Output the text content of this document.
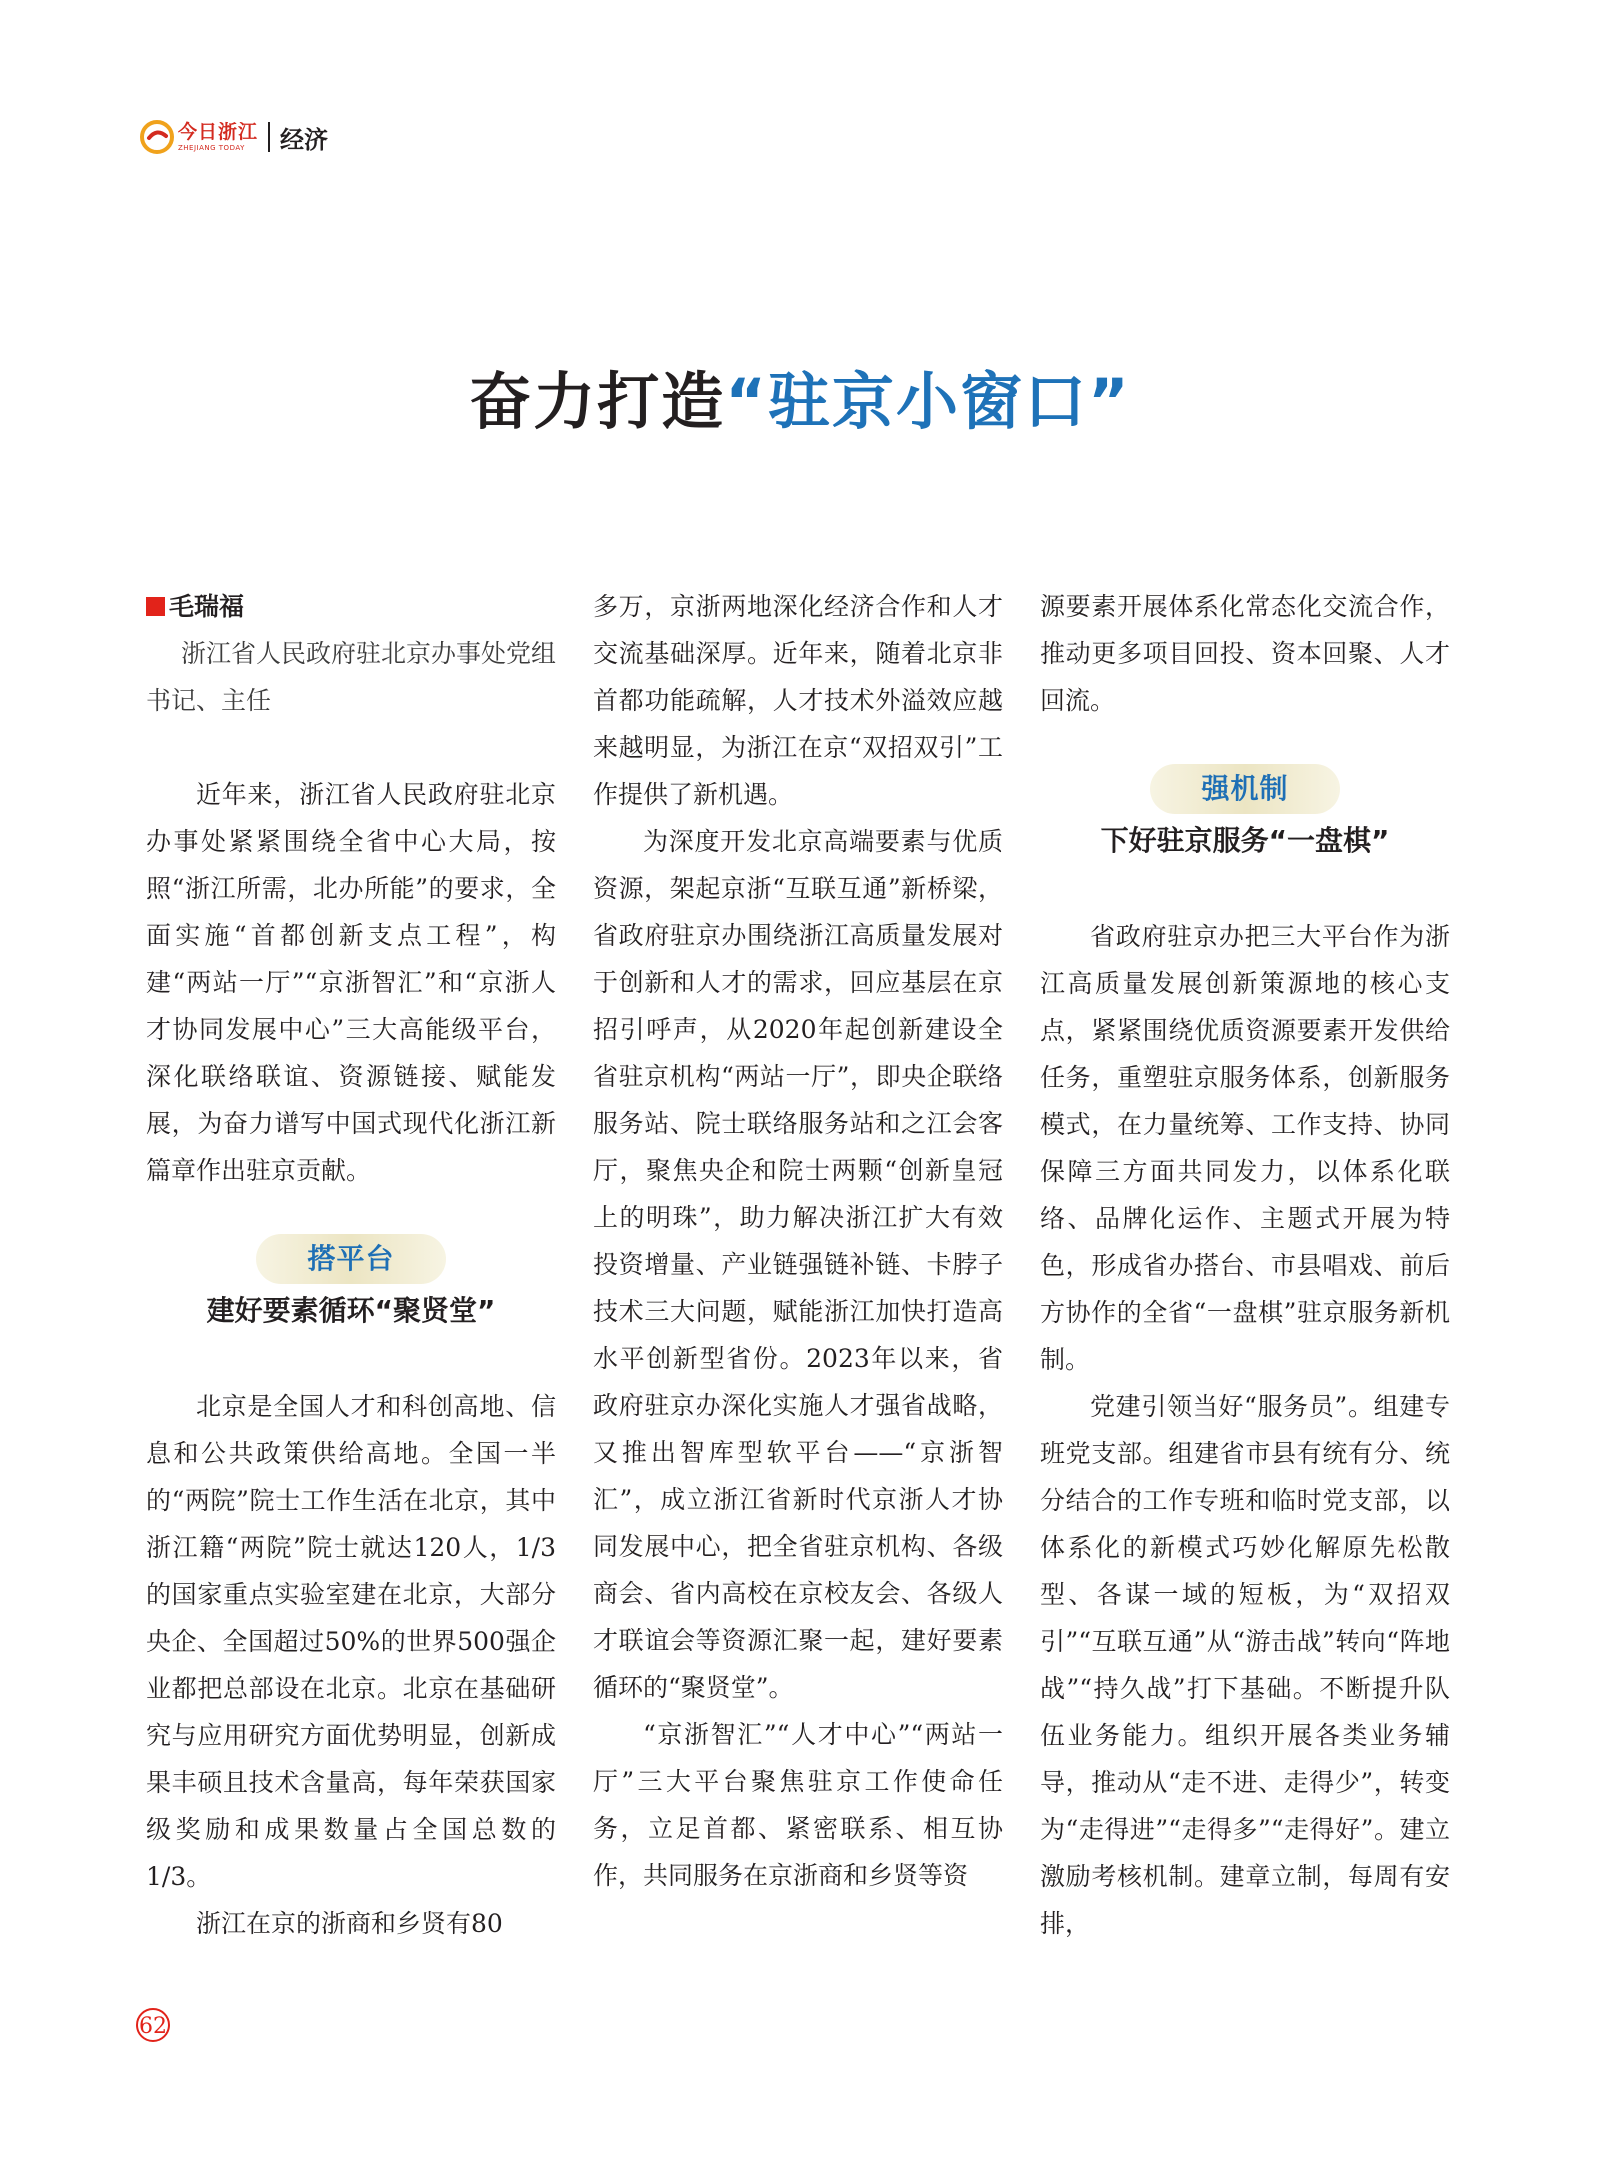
今日浙江
ZHEJIANG TODAY	经济
奋力打造“驻京小窗口”
毛瑞福

浙江省人民政府驻北京办事处党组书记、主任

近年来，浙江省人民政府驻北京办事处紧紧围绕全省中心大局，按照“浙江所需，北办所能”的要求，全面实施“首都创新支点工程”，构建“两站一厅”“京浙智汇”和“京浙人才协同发展中心”三大高能级平台，深化联络联谊、资源链接、赋能发展，为奋力谱写中国式现代化浙江新篇章作出驻京贡献。

搭平台
建好要素循环“聚贤堂”

北京是全国人才和科创高地、信息和公共政策供给高地。全国一半的“两院”院士工作生活在北京，其中浙江籍“两院”院士就达120人，1/3的国家重点实验室建在北京，大部分央企、全国超过50%的世界500强企业都把总部设在北京。北京在基础研究与应用研究方面优势明显，创新成果丰硕且技术含量高，每年荣获国家级奖励和成果数量占全国总数的1/3。

浙江在京的浙商和乡贤有80

多万，京浙两地深化经济合作和人才交流基础深厚。近年来，随着北京非首都功能疏解，人才技术外溢效应越来越明显，为浙江在京“双招双引”工作提供了新机遇。

为深度开发北京高端要素与优质资源，架起京浙“互联互通”新桥梁，省政府驻京办围绕浙江高质量发展对于创新和人才的需求，回应基层在京招引呼声，从2020年起创新建设全省驻京机构“两站一厅”，即央企联络服务站、院士联络服务站和之江会客厅，聚焦央企和院士两颗“创新皇冠上的明珠”，助力解决浙江扩大有效投资增量、产业链强链补链、卡脖子技术三大问题，赋能浙江加快打造高水平创新型省份。2023年以来，省政府驻京办深化实施人才强省战略，又推出智库型软平台——“京浙智汇”，成立浙江省新时代京浙人才协同发展中心，把全省驻京机构、各级商会、省内高校在京校友会、各级人才联谊会等资源汇聚一起，建好要素循环的“聚贤堂”。

“京浙智汇”“人才中心”“两站一厅”三大平台聚焦驻京工作使命任务，立足首都、紧密联系、相互协作，共同服务在京浙商和乡贤等资

源要素开展体系化常态化交流合作，推动更多项目回投、资本回聚、人才回流。

强机制
下好驻京服务“一盘棋”

省政府驻京办把三大平台作为浙江高质量发展创新策源地的核心支点，紧紧围绕优质资源要素开发供给任务，重塑驻京服务体系，创新服务模式，在力量统筹、工作支持、协同保障三方面共同发力，以体系化联络、品牌化运作、主题式开展为特色，形成省办搭台、市县唱戏、前后方协作的全省“一盘棋”驻京服务新机制。

党建引领当好“服务员”。组建专班党支部。组建省市县有统有分、统分结合的工作专班和临时党支部，以体系化的新模式巧妙化解原先松散型、各谋一域的短板，为“双招双引”“互联互通”从“游击战”转向“阵地战”“持久战”打下基础。不断提升队伍业务能力。组织开展各类业务辅导，推动从“走不进、走得少”，转变为“走得进”“走得多”“走得好”。建立激励考核机制。建章立制，每周有安排，

62
